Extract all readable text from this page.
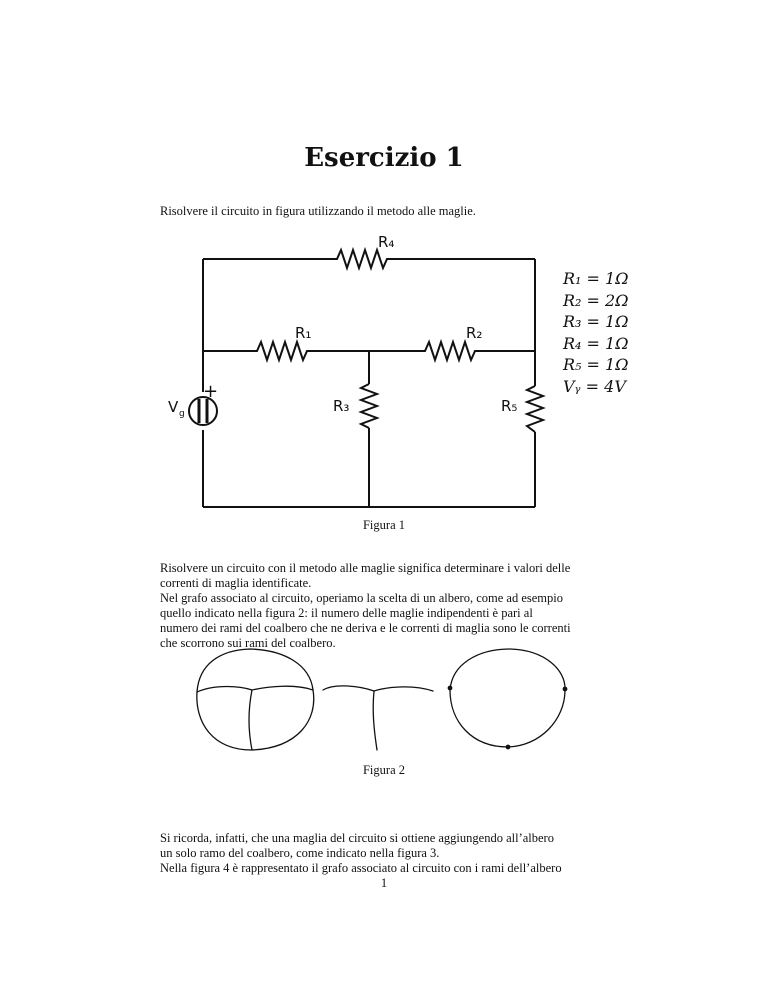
Esercizio 1
Risolvere il circuito in figura utilizzando il metodo alle maglie.
R₄
R₁	R₂
R₃	R₅
V g
+
R₁ = 1Ω
R₂ = 2Ω
R₃ = 1Ω
R₄ = 1Ω
R₅ = 1Ω
Vᵧ = 4V
Figura 1
Risolvere un circuito con il metodo alle maglie significa determinare i valori delle
correnti di maglia identificate.
Nel grafo associato al circuito, operiamo la scelta di un albero, come ad esempio
quello indicato nella figura 2: il numero delle maglie indipendenti è pari al
numero dei rami del coalbero che ne deriva e le correnti di maglia sono le correnti
che scorrono sui rami del coalbero.
Figura 2
Si ricorda, infatti, che una maglia del circuito si ottiene aggiungendo all’albero
un solo ramo del coalbero, come indicato nella figura 3.
Nella figura 4 è rappresentato il grafo associato al circuito con i rami dell’albero
1
